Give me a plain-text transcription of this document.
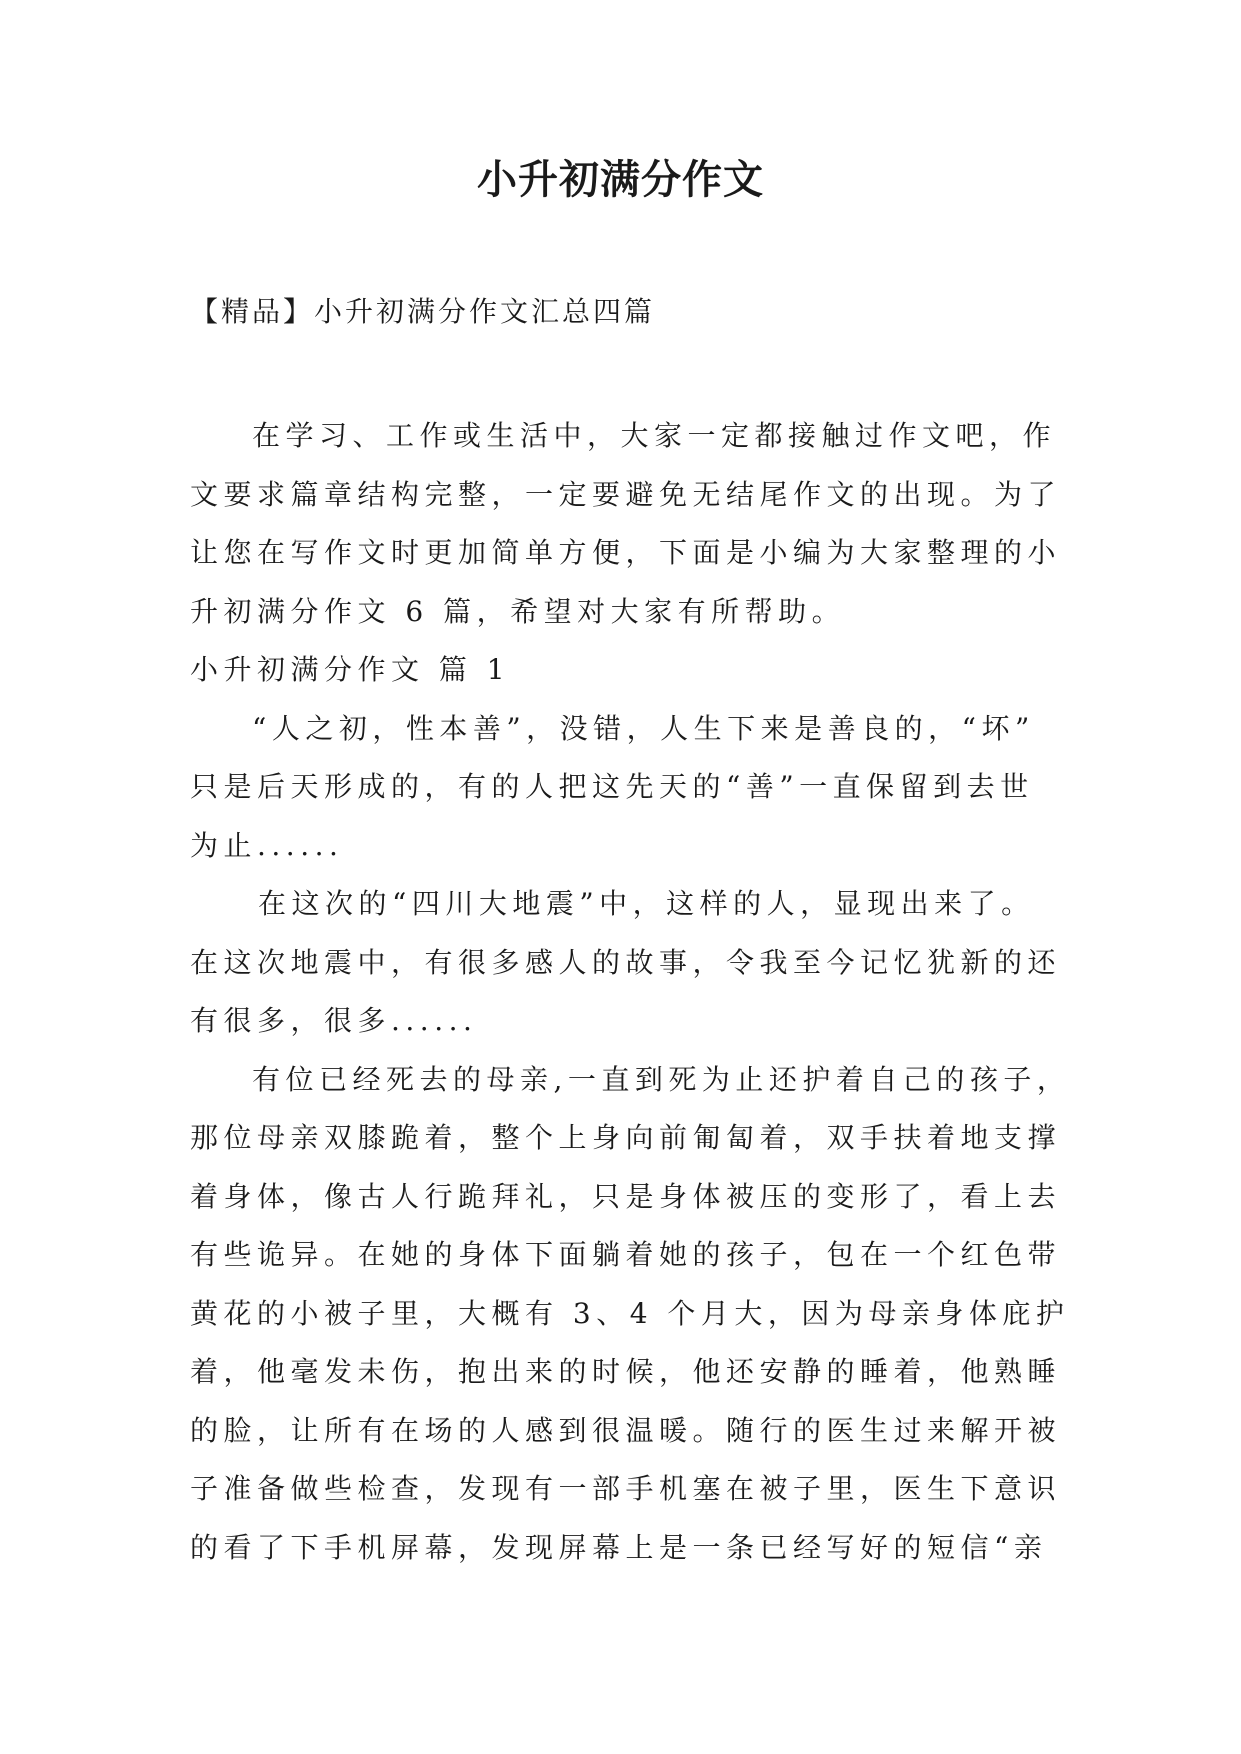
小升初满分作文

【精品】小升初满分作文汇总四篇

在学习、工作或生活中，大家一定都接触过作文吧，作
文要求篇章结构完整，一定要避免无结尾作文的出现。为了
让您在写作文时更加简单方便，下面是小编为大家整理的小
升初满分作文 6 篇，希望对大家有所帮助。
小升初满分作文 篇 1
“人之初，性本善”，没错，人生下来是善良的，“坏”
只是后天形成的，有的人把这先天的“善”一直保留到去世
为止......
在这次的“四川大地震”中，这样的人，显现出来了。
在这次地震中，有很多感人的故事，令我至今记忆犹新的还
有很多，很多......
有位已经死去的母亲,一直到死为止还护着自己的孩子，
那位母亲双膝跪着，整个上身向前匍匐着，双手扶着地支撑
着身体，像古人行跪拜礼，只是身体被压的变形了，看上去
有些诡异。在她的身体下面躺着她的孩子，包在一个红色带
黄花的小被子里，大概有 3、4 个月大，因为母亲身体庇护
着，他毫发未伤，抱出来的时候，他还安静的睡着，他熟睡
的脸，让所有在场的人感到很温暖。随行的医生过来解开被
子准备做些检查，发现有一部手机塞在被子里，医生下意识
的看了下手机屏幕，发现屏幕上是一条已经写好的短信“亲
